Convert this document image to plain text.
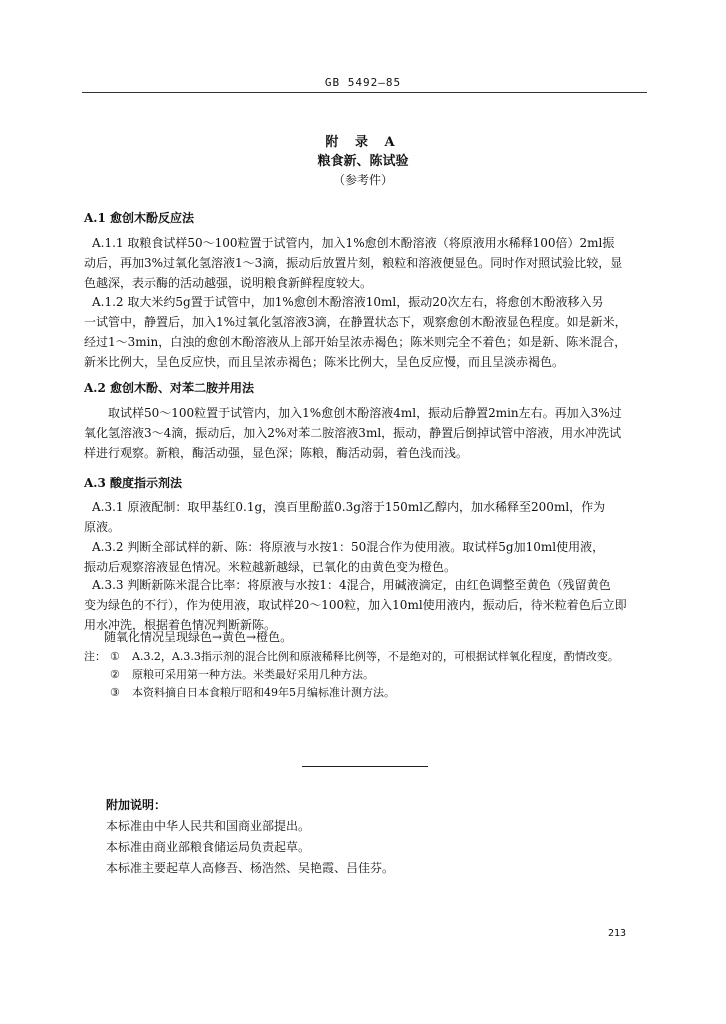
GB 5492—85
附 录 A
粮食新、陈试验
（参考件）
A.1 愈创木酚反应法
A.1.1 取粮食试样50～100粒置于试管内，加入1%愈创木酚溶液（将原液用水稀释100倍）2ml振
动后，再加3%过氧化氢溶液1～3滴，振动后放置片刻，粮粒和溶液便显色。同时作对照试验比较，显
色越深，表示酶的活动越强，说明粮食新鲜程度较大。
A.1.2 取大米约5g置于试管中，加1%愈创木酚溶液10ml，振动20次左右，将愈创木酚液移入另
一试管中，静置后，加入1%过氧化氢溶液3滴，在静置状态下，观察愈创木酚液显色程度。如是新米，
经过1～3min，白浊的愈创木酚溶液从上部开始呈浓赤褐色；陈米则完全不着色；如是新、陈米混合，
新米比例大，呈色反应快，而且呈浓赤褐色；陈米比例大，呈色反应慢，而且呈淡赤褐色。
A.2 愈创木酚、对苯二胺并用法
取试样50～100粒置于试管内，加入1%愈创木酚溶液4ml，振动后静置2min左右。再加入3%过
氧化氢溶液3～4滴，振动后，加入2%对苯二胺溶液3ml，振动，静置后倒掉试管中溶液，用水冲洗试
样进行观察。新粮，酶活动强，显色深；陈粮，酶活动弱，着色浅而浅。
A.3 酸度指示剂法
A.3.1 原液配制：取甲基红0.1g，溴百里酚蓝0.3g溶于150ml乙醇内，加水稀释至200ml，作为
原液。
A.3.2 判断全部试样的新、陈：将原液与水按1：50混合作为使用液。取试样5g加10ml使用液，
振动后观察溶液显色情况。米粒越新越绿，已氧化的由黄色变为橙色。
A.3.3 判断新陈米混合比率：将原液与水按1：4混合，用碱液滴定，由红色调整至黄色（残留黄色
变为绿色的不行），作为使用液，取试样20～100粒，加入10ml使用液内，振动后，待米粒着色后立即
用水冲洗，根据着色情况判断新陈。
随氧化情况呈现绿色→黄色→橙色。
注： ① A.3.2，A.3.3指示剂的混合比例和原液稀释比例等，不是绝对的，可根据试样氧化程度，酌情改变。
② 原粮可采用第一种方法。米类最好采用几种方法。
③ 本资料摘自日本食粮厅昭和49年5月编标准计测方法。
附加说明：
本标准由中华人民共和国商业部提出。
本标准由商业部粮食储运局负责起草。
本标准主要起草人高修吾、杨浩然、吴艳霞、吕佳芬。
213
